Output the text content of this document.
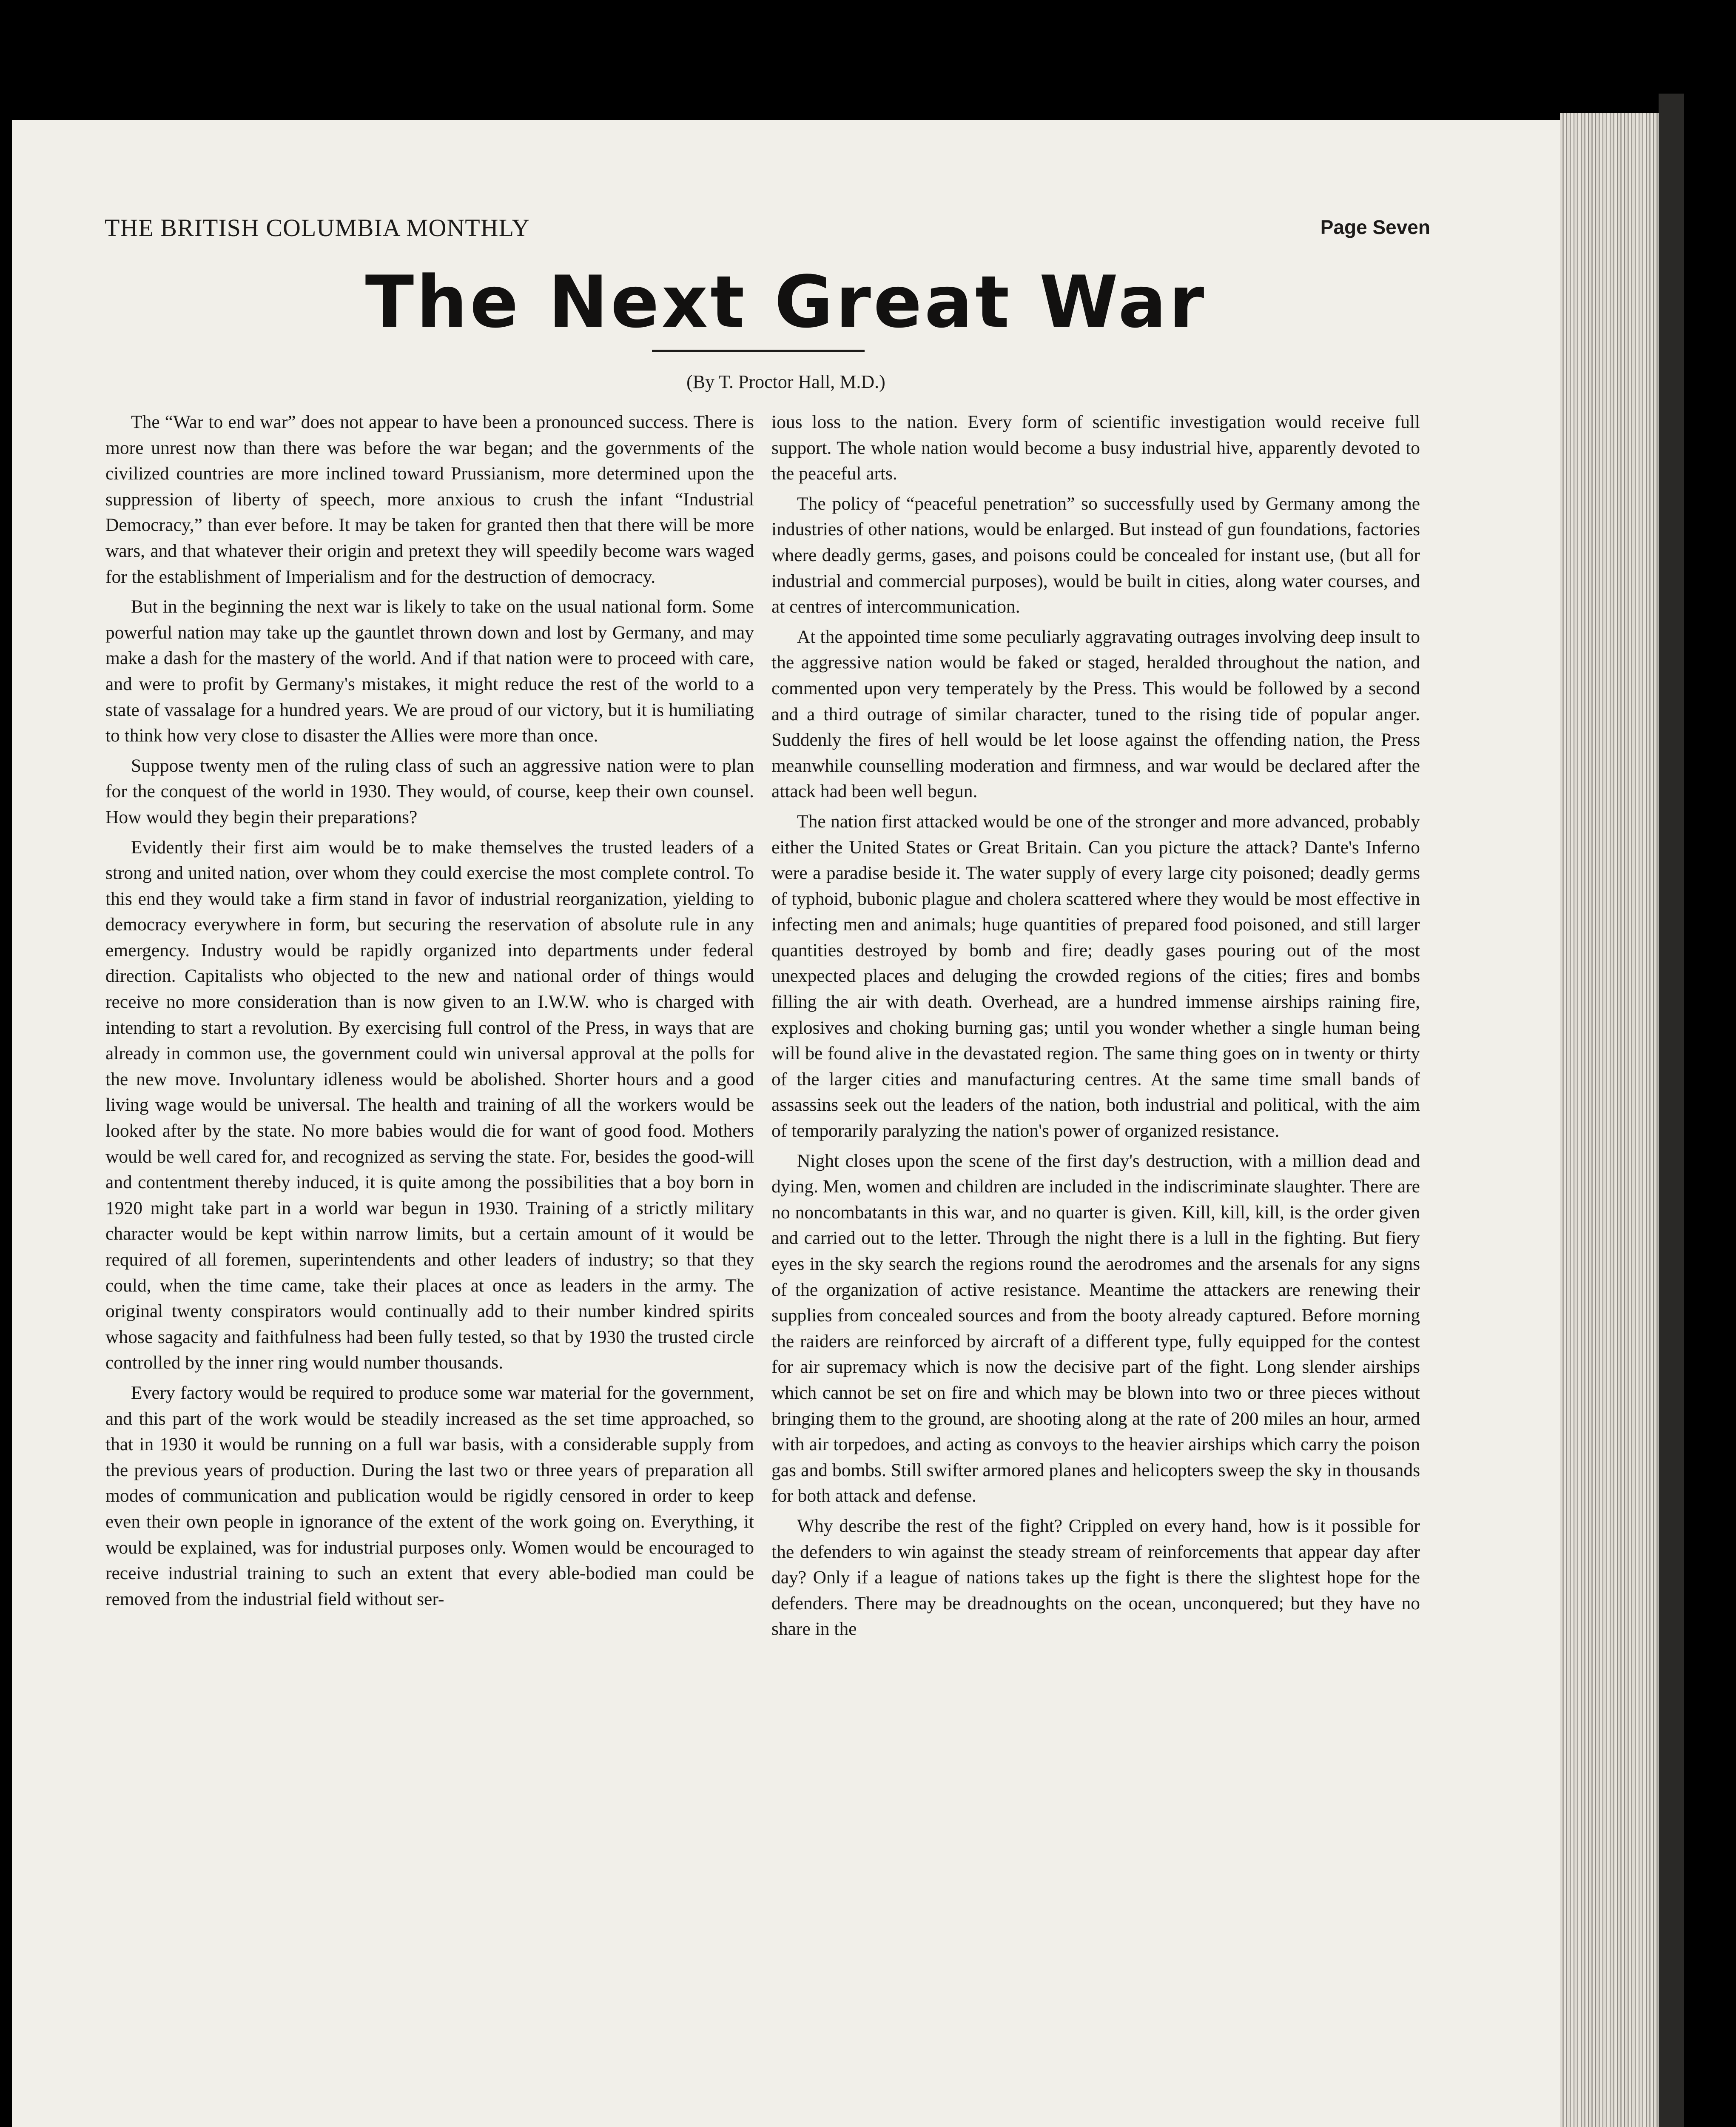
THE BRITISH COLUMBIA MONTHLY	Page Seven
The Next Great War
(By T. Proctor Hall, M.D.)

The “War to end war” does not appear to have been a pronounced success. There is more unrest now than there was before the war began; and the governments of the civilized countries are more inclined toward Prussianism, more determined upon the suppression of liberty of speech, more anxious to crush the infant “Industrial Democracy,” than ever before. It may be taken for granted then that there will be more wars, and that whatever their origin and pretext they will speedily become wars waged for the establishment of Imperialism and for the destruction of democracy.

But in the beginning the next war is likely to take on the usual national form. Some powerful nation may take up the gauntlet thrown down and lost by Germany, and may make a dash for the mastery of the world. And if that nation were to proceed with care, and were to profit by Germany's mistakes, it might reduce the rest of the world to a state of vassalage for a hundred years. We are proud of our victory, but it is humiliating to think how very close to disaster the Allies were more than once.

Suppose twenty men of the ruling class of such an aggressive nation were to plan for the conquest of the world in 1930. They would, of course, keep their own counsel. How would they begin their preparations?

Evidently their first aim would be to make themselves the trusted leaders of a strong and united nation, over whom they could exercise the most complete control. To this end they would take a firm stand in favor of industrial reorganization, yielding to democracy everywhere in form, but securing the reservation of absolute rule in any emergency. Industry would be rapidly organized into departments under federal direction. Capitalists who objected to the new and national order of things would receive no more consideration than is now given to an I.W.W. who is charged with intending to start a revolution. By exercising full control of the Press, in ways that are already in common use, the government could win universal approval at the polls for the new move. Involuntary idleness would be abolished. Shorter hours and a good living wage would be universal. The health and training of all the workers would be looked after by the state. No more babies would die for want of good food. Mothers would be well cared for, and recognized as serving the state. For, besides the good-will and contentment thereby induced, it is quite among the possibilities that a boy born in 1920 might take part in a world war begun in 1930. Training of a strictly military character would be kept within narrow limits, but a certain amount of it would be required of all foremen, superintendents and other leaders of industry; so that they could, when the time came, take their places at once as leaders in the army. The original twenty conspirators would continually add to their number kindred spirits whose sagacity and faithfulness had been fully tested, so that by 1930 the trusted circle controlled by the inner ring would number thousands.

Every factory would be required to produce some war material for the government, and this part of the work would be steadily increased as the set time approached, so that in 1930 it would be running on a full war basis, with a considerable supply from the previous years of production. During the last two or three years of preparation all modes of communication and publication would be rigidly censored in order to keep even their own people in ignorance of the extent of the work going on. Everything, it would be explained, was for industrial purposes only. Women would be encouraged to receive industrial training to such an extent that every able-bodied man could be removed from the industrial field without ser-

ious loss to the nation. Every form of scientific investigation would receive full support. The whole nation would become a busy industrial hive, apparently devoted to the peaceful arts.

The policy of “peaceful penetration” so successfully used by Germany among the industries of other nations, would be enlarged. But instead of gun foundations, factories where deadly germs, gases, and poisons could be concealed for instant use, (but all for industrial and commercial purposes), would be built in cities, along water courses, and at centres of intercommunication.

At the appointed time some peculiarly aggravating outrages involving deep insult to the aggressive nation would be faked or staged, heralded throughout the nation, and commented upon very temperately by the Press. This would be followed by a second and a third outrage of similar character, tuned to the rising tide of popular anger. Suddenly the fires of hell would be let loose against the offending nation, the Press meanwhile counselling moderation and firmness, and war would be declared after the attack had been well begun.

The nation first attacked would be one of the stronger and more advanced, probably either the United States or Great Britain. Can you picture the attack? Dante's Inferno were a paradise beside it. The water supply of every large city poisoned; deadly germs of typhoid, bubonic plague and cholera scattered where they would be most effective in infecting men and animals; huge quantities of prepared food poisoned, and still larger quantities destroyed by bomb and fire; deadly gases pouring out of the most unexpected places and deluging the crowded regions of the cities; fires and bombs filling the air with death. Overhead, are a hundred immense airships raining fire, explosives and choking burning gas; until you wonder whether a single human being will be found alive in the devastated region. The same thing goes on in twenty or thirty of the larger cities and manufacturing centres. At the same time small bands of assassins seek out the leaders of the nation, both industrial and political, with the aim of temporarily paralyzing the nation's power of organized resistance.

Night closes upon the scene of the first day's destruction, with a million dead and dying. Men, women and children are included in the indiscriminate slaughter. There are no noncombatants in this war, and no quarter is given. Kill, kill, kill, is the order given and carried out to the letter. Through the night there is a lull in the fighting. But fiery eyes in the sky search the regions round the aerodromes and the arsenals for any signs of the organization of active resistance. Meantime the attackers are renewing their supplies from concealed sources and from the booty already captured. Before morning the raiders are reinforced by aircraft of a different type, fully equipped for the contest for air supremacy which is now the decisive part of the fight. Long slender airships which cannot be set on fire and which may be blown into two or three pieces without bringing them to the ground, are shooting along at the rate of 200 miles an hour, armed with air torpedoes, and acting as convoys to the heavier airships which carry the poison gas and bombs. Still swifter armored planes and helicopters sweep the sky in thousands for both attack and defense.

Why describe the rest of the fight? Crippled on every hand, how is it possible for the defenders to win against the steady stream of reinforcements that appear day after day? Only if a league of nations takes up the fight is there the slightest hope for the defenders. There may be dreadnoughts on the ocean, unconquered; but they have no share in the
